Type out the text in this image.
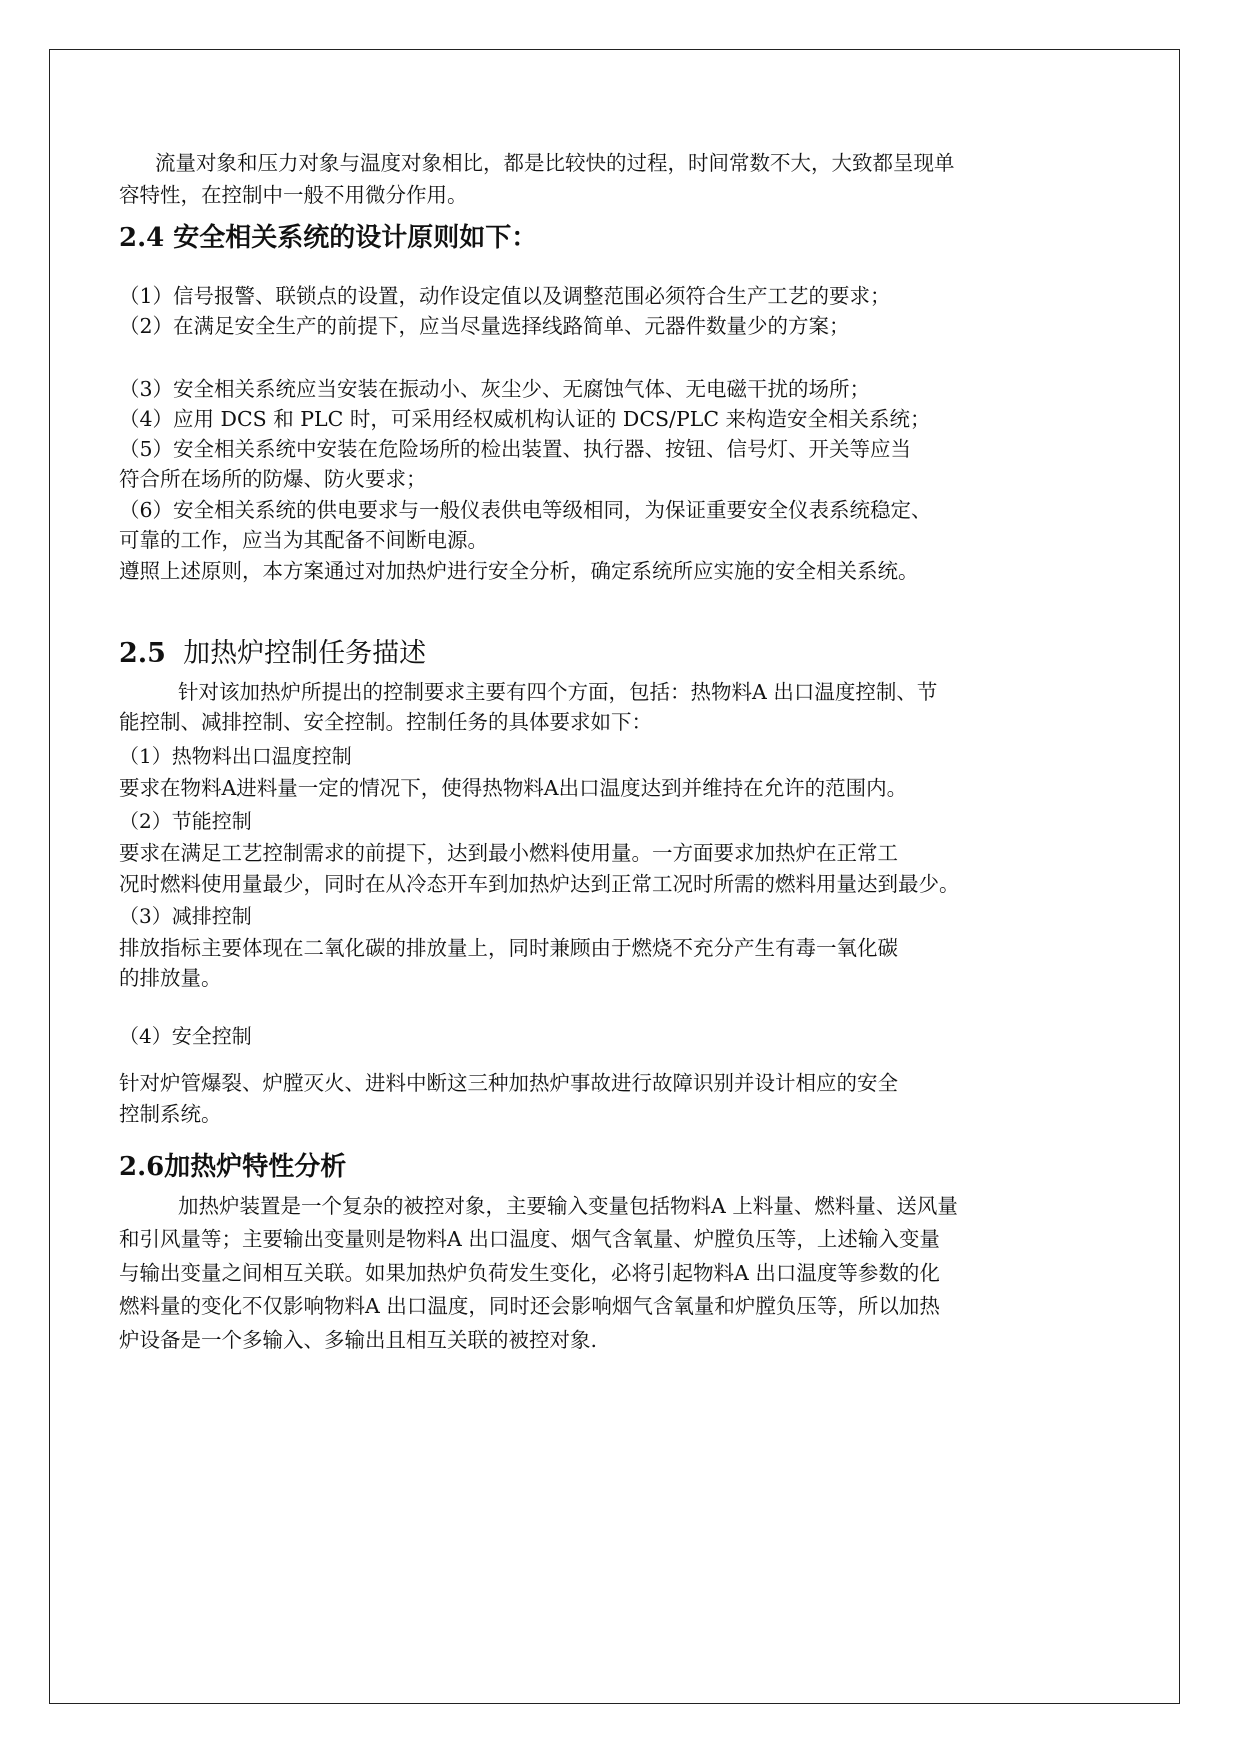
流量对象和压力对象与温度对象相比，都是比较快的过程，时间常数不大，大致都呈现单
容特性，在控制中一般不用微分作用。
2.4 安全相关系统的设计原则如下：
（1）信号报警、联锁点的设置，动作设定值以及调整范围必须符合生产工艺的要求；
（2）在满足安全生产的前提下，应当尽量选择线路简单、元器件数量少的方案；
（3）安全相关系统应当安装在振动小、灰尘少、无腐蚀气体、无电磁干扰的场所；
（4）应用 DCS 和 PLC 时，可采用经权威机构认证的 DCS/PLC 来构造安全相关系统；
（5）安全相关系统中安装在危险场所的检出装置、执行器、按钮、信号灯、开关等应当
符合所在场所的防爆、防火要求；
（6）安全相关系统的供电要求与一般仪表供电等级相同，为保证重要安全仪表系统稳定、
可靠的工作，应当为其配备不间断电源。
遵照上述原则，本方案通过对加热炉进行安全分析，确定系统所应实施的安全相关系统。
2.5 加热炉控制任务描述
针对该加热炉所提出的控制要求主要有四个方面，包括：热物料A 出口温度控制、节
能控制、减排控制、安全控制。控制任务的具体要求如下：
（1）热物料出口温度控制
要求在物料A进料量一定的情况下，使得热物料A出口温度达到并维持在允许的范围内。
（2）节能控制
要求在满足工艺控制需求的前提下，达到最小燃料使用量。一方面要求加热炉在正常工
况时燃料使用量最少，同时在从冷态开车到加热炉达到正常工况时所需的燃料用量达到最少。
（3）减排控制
排放指标主要体现在二氧化碳的排放量上，同时兼顾由于燃烧不充分产生有毒一氧化碳
的排放量。
（4）安全控制
针对炉管爆裂、炉膛灭火、进料中断这三种加热炉事故进行故障识别并设计相应的安全
控制系统。
2.6加热炉特性分析
加热炉装置是一个复杂的被控对象，主要输入变量包括物料A 上料量、燃料量、送风量
和引风量等；主要输出变量则是物料A 出口温度、烟气含氧量、炉膛负压等，上述输入变量
与输出变量之间相互关联。如果加热炉负荷发生变化，必将引起物料A 出口温度等参数的化
燃料量的变化不仅影响物料A 出口温度，同时还会影响烟气含氧量和炉膛负压等，所以加热
炉设备是一个多输入、多输出且相互关联的被控对象.
